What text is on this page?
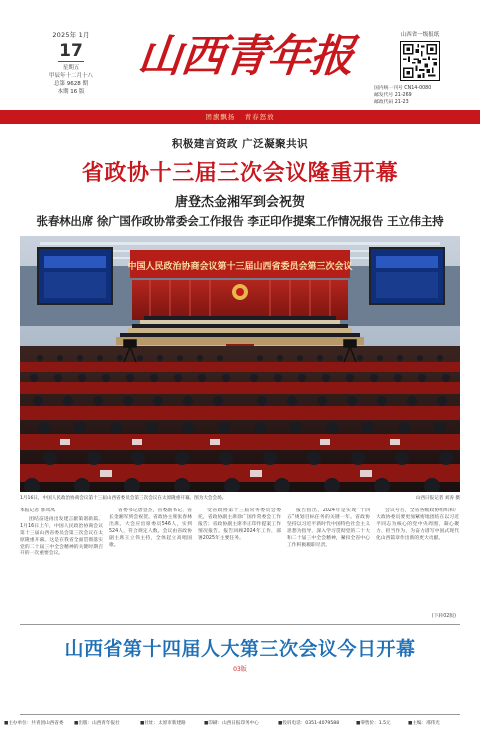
2025年 1月
17
星期五
甲辰年十二月十八
总第 9628 期
本期 16 版
山西青年报	山西省一级报纸
国内统一刊号 CN14-0080
邮发代号 21-269
邮政代码 21-23
团旗飘扬 青春怒放
积极建言资政 广泛凝聚共识
省政协十三届三次会议隆重开幕
唐登杰金湘军到会祝贺
张春林出席 徐广国作政协常委会工作报告 李正印作提案工作情况报告 王立伟主持
中国人民政治协商会议第十三届山西省委员会第三次会议
1月16日，中国人民政治协商会议第十三届山西省委员会第三次会议在太原隆重开幕。图为大会会场。	山西日报记者 刘涛 摄
本报记者 郭凤凤

团结奋进再出发建言献策谱新篇。1月16日上午，中国人民政治协商会议第十三届山西省委员会第三次会议在太原隆重开幕。这是在我省全面贯彻落实党的二十届三中全会精神的关键时期召开的一次重要会议。

省委书记唐登杰，省委副书记、省长金湘军到会祝贺。省政协主席张春林出席。大会应出席委员546人，实到524人，符合规定人数。会议由省政协副主席王立伟主持，全体起立高唱国歌。

受省政协第十三届常务委员会委托，省政协副主席徐广国作常委会工作报告；省政协副主席李正印作提案工作情况报告。报告回顾2024年工作，部署2025年主要任务。

报告指出，2024年是实现“十四五”规划目标任务的关键一年。省政协坚持以习近平新时代中国特色社会主义思想为指导，深入学习贯彻党的二十大和二十届三中全会精神，紧扣全省中心工作积极履职尽责。

会议号召，全省各级政协组织和广大政协委员要更加紧密地团结在以习近平同志为核心的党中央周围，凝心聚力、担当作为，为奋力谱写中国式现代化山西篇章作出新的更大贡献。

(下转02版)
山西省第十四届人大第三次会议今日开幕
03版
■主办单位：共青团山西省委 ■出版：山西青年报社	■社址：太原市新建路	■印刷：山西日报印务中心	■投诉电话：0351-4079588	■零售价：1.5元	■主编：邢伟光
